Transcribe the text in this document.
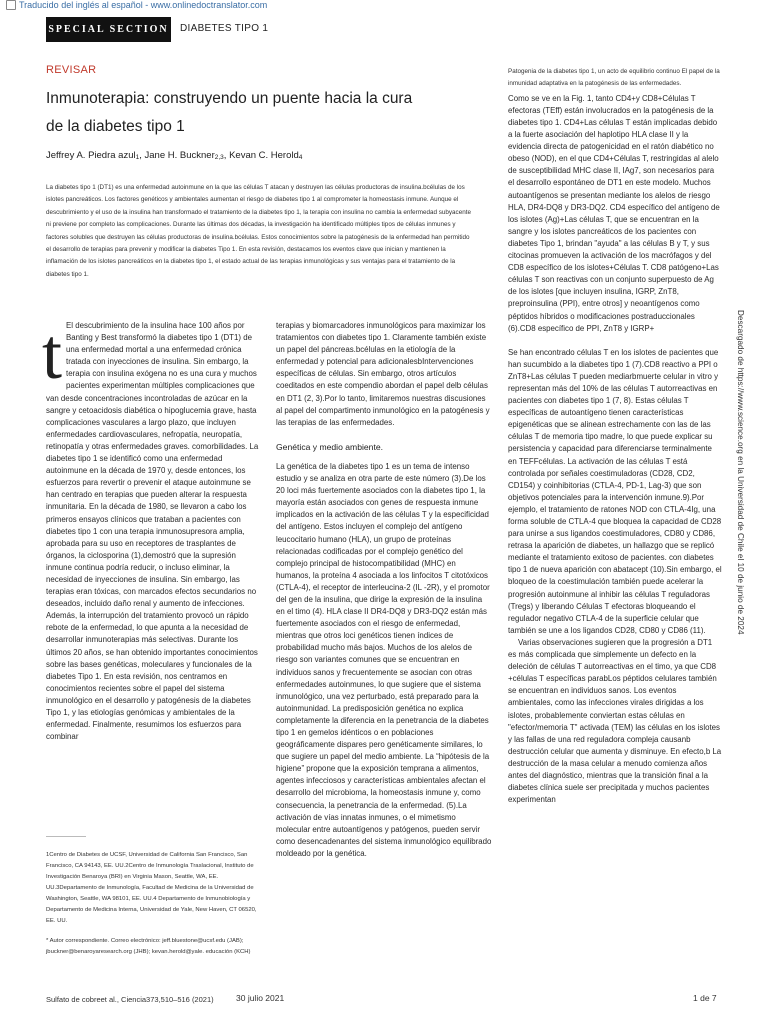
Traducido del inglés al español - www.onlinedoctranslator.com
SPECIAL SECTION DIABETES TIPO 1
REVISAR
Inmunoterapia: construyendo un puente hacia la cura
de la diabetes tipo 1
Jeffrey A. Piedra azul$_1$, Jane H. Buckner$_{2,3}$, Kevan C. Herold$_4$

La diabetes tipo 1 (DT1) es una enfermedad autoinmune en la que las células T atacan y destruyen las células productoras de insulina.bcélulas de los islotes pancreáticos. Los factores genéticos y ambientales aumentan el riesgo de diabetes tipo 1 al comprometer la homeostasis inmune. Aunque el descubrimiento y el uso de la insulina han transformado el tratamiento de la diabetes tipo 1, la terapia con insulina no cambia la enfermedad subyacente ni previene por completo las complicaciones. Durante las últimas dos décadas, la investigación ha identificado múltiples tipos de células inmunes y factores solubles que destruyen las células productoras de insulina.bcélulas. Estos conocimientos sobre la patogénesis de la enfermedad han permitido el desarrollo de terapias para prevenir y modificar la diabetes Tipo 1. En esta revisión, destacamos los eventos clave que inician y mantienen la inflamación de los islotes pancreáticos en la diabetes tipo 1, el estado actual de las terapias inmunológicas y sus ventajas para el tratamiento de la diabetes tipo 1.

t El descubrimiento de la insulina hace 100 años por Banting y Best transformó la diabetes tipo 1 (DT1) de una enfermedad mortal a una enfermedad crónica tratada con inyecciones de insulina. Sin embargo, la terapia con insulina exógena no es una cura y muchos pacientes experimentan múltiples complicaciones que van desde concentraciones incontroladas de azúcar en la sangre y cetoacidosis diabética o hipoglucemia grave, hasta complicaciones vasculares a largo plazo, que incluyen enfermedades cardiovasculares, nefropatía, neuropatía, retinopatía y otras enfermedades graves. comorbilidades. La diabetes tipo 1 se identificó como una enfermedad autoinmune en la década de 1970 y, desde entonces, los esfuerzos para revertir o prevenir el ataque autoinmune se han centrado en terapias que pueden alterar la respuesta inmunitaria. En la década de 1980, se llevaron a cabo los primeros ensayos clínicos que trataban a pacientes con diabetes tipo 1 con una terapia inmunosupresora amplia, aprobada para su uso en receptores de trasplantes de órganos, la ciclosporina (1),demostró que la supresión inmune continua podría reducir, o incluso eliminar, la necesidad de inyecciones de insulina. Sin embargo, las terapias eran tóxicas, con marcados efectos secundarios no deseados, incluido daño renal y aumento de infecciones. Además, la interrupción del tratamiento provocó un rápido rebote de la enfermedad, lo que apunta a la necesidad de desarrollar inmunoterapias más selectivas. Durante los últimos 20 años, se han obtenido importantes conocimientos sobre las bases genéticas, moleculares y funcionales de la diabetes Tipo 1. En esta revisión, nos centramos en conocimientos recientes sobre el papel del sistema inmunológico en el desarrollo y patogénesis de la diabetes Tipo 1, y las etiologías genómicas y ambientales de la enfermedad. Finalmente, resumimos los esfuerzos para combinar

1Centro de Diabetes de UCSF, Universidad de California San Francisco, San Francisco, CA 94143, EE. UU.2Centro de Inmunología Traslacional, Instituto de Investigación Benaroya (BRI) en Virginia Mason, Seattle, WA, EE. UU.3Departamento de Inmunología, Facultad de Medicina de la Universidad de Washington, Seattle, WA 98101, EE. UU.4 Departamento de Inmunobiología y Departamento de Medicina Interna, Universidad de Yale, New Haven, CT 06520, EE. UU.

* Autor correspondiente. Correo electrónico: jeff.bluestone@ucsf.edu (JAB); jbuckner@benaroyaresearch.org (JHB); kevan.herold@yale. educación (KCH)

terapias y biomarcadores inmunológicos para maximizar los tratamientos con diabetes tipo 1. Claramente también existe un papel del páncreas.bcélulas en la etiología de la enfermedad y potencial para adicionalesbIntervenciones específicas de células. Sin embargo, otros artículos coeditados en este compendio abordan el papel delb células en DT1 (2, 3).Por lo tanto, limitaremos nuestras discusiones al papel del compartimento inmunológico en la patogénesis y las terapias de las enfermedades.

Genética y medio ambiente.

La genética de la diabetes tipo 1 es un tema de intenso estudio y se analiza en otra parte de este número (3).De los 20 loci más fuertemente asociados con la diabetes tipo 1, la mayoría están asociados con genes de respuesta inmune implicados en la activación de las células T y la especificidad del antígeno. Estos incluyen el complejo del antígeno leucocitario humano (HLA), un grupo de proteínas relacionadas codificadas por el complejo genético del complejo principal de histocompatibilidad (MHC) en humanos, la proteína 4 asociada a los linfocitos T citotóxicos (CTLA-4), el receptor de interleucina-2 (IL -2R), y el promotor del gen de la insulina, que dirige la expresión de la insulina en el timo (4). HLA clase II DR4-DQ8 y DR3-DQ2 están más fuertemente asociados con el riesgo de enfermedad, mientras que otros loci genéticos tienen índices de probabilidad mucho más bajos. Muchos de los alelos de riesgo son variantes comunes que se encuentran en individuos sanos y frecuentemente se asocian con otras enfermedades autoinmunes, lo que sugiere que el sistema inmunológico, una vez perturbado, está preparado para la autoinmunidad. La predisposición genética no explica completamente la diferencia en la penetrancia de la diabetes tipo 1 en gemelos idénticos o en poblaciones geográficamente dispares pero genéticamente similares, lo que sugiere un papel del medio ambiente. La “hipótesis de la higiene” propone que la exposición temprana a alimentos, agentes infecciosos y características ambientales afectan el desarrollo del microbioma, la homeostasis inmune y, como consecuencia, la penetrancia de la enfermedad. (5).La activación de vías innatas inmunes, o el mimetismo molecular entre autoantígenos y patógenos, pueden servir como desencadenantes del sistema inmunológico equilibrado moldeado por la genética.

Patogenia de la diabetes tipo 1, un acto de equilibrio continuo El papel de la inmunidad adaptativa en la patogénesis de las enfermedades.

Como se ve en la Fig. 1, tanto CD4+y CD8+Células T efectoras (TEff) están involucrados en la patogénesis de la diabetes tipo 1. CD4+Las células T están implicadas debido a la fuerte asociación del haplotipo HLA clase II y la evidencia directa de patogenicidad en el ratón diabético no obeso (NOD), en el que CD4+Células T, restringidas al alelo de susceptibilidad MHC clase II, IAg7, son necesarios para el desarrollo espontáneo de DT1 en este modelo. Muchos autoantígenos se presentan mediante los alelos de riesgo HLA, DR4-DQ8 y DR3-DQ2. CD4 específico del antígeno de los islotes (Ag)+Las células T, que se encuentran en la sangre y los islotes pancreáticos de los pacientes con diabetes Tipo 1, brindan "ayuda" a las células B y T, y sus citocinas promueven la activación de los macrófagos y del CD8 específico de los islotes+Células T. CD8 patógeno+Las células T son reactivas con un conjunto superpuesto de Ag de los islotes [que incluyen insulina, IGRP, ZnT8, preproinsulina (PPI), entre otros] y neoantígenos como péptidos híbridos o modificaciones postraduccionales (6).CD8 específico de PPI, ZnT8 y IGRP+

Se han encontrado células T en los islotes de pacientes que han sucumbido a la diabetes tipo 1 (7).CD8 reactivo a PPI o ZnT8+Las células T pueden mediarbmuerte celular in vitro y representan más del 10% de las células T autorreactivas en pacientes con diabetes tipo 1 (7, 8). Estas células T específicas de autoantígeno tienen características epigenéticas que se alinean estrechamente con las de las células T de memoria tipo madre, lo que puede explicar su persistencia y capacidad para diferenciarse terminalmente en TEFFcélulas. La activación de las células T está controlada por señales coestimuladoras (CD28, CD2, CD154) y coinhibitorias (CTLA-4, PD-1, Lag-3) que son objetivos potenciales para la intervención inmune.9).Por ejemplo, el tratamiento de ratones NOD con CTLA-4Ig, una forma soluble de CTLA-4 que bloquea la capacidad de CD28 para unirse a sus ligandos coestimuladores, CD80 y CD86, retrasa la aparición de diabetes, un hallazgo que se replicó mediante el tratamiento exitoso de pacientes. con diabetes tipo 1 de nueva aparición con abatacept (10).Sin embargo, el bloqueo de la coestimulación también puede acelerar la progresión autoinmune al inhibir las células T reguladoras (Tregs) y liberando Células T efectoras bloqueando el regulador negativo CTLA-4 de la superficie celular que también se une a los ligandos CD28, CD80 y CD86 (11).

Varias observaciones sugieren que la progresión a DT1 es más complicada que simplemente un defecto en la deleción de células T autorreactivas en el timo, ya que CD8 +células T específicas parabLos péptidos celulares también se encuentran en individuos sanos. Los eventos ambientales, como las infecciones virales dirigidas a los islotes, probablemente conviertan estas células en "efector/memoria T" activada (TEM) las células en los islotes y las fallas de una red reguladora compleja causanb destrucción celular que aumenta y disminuye. En efecto,b La destrucción de la masa celular a menudo comienza años antes del diagnóstico, mientras que la transición final a la diabetes clínica suele ser precipitada y muchos pacientes experimentan

Descargado de https://www.science.org en la Universidad de Chile el 10 de junio de 2024
Sulfato de cobreet al., Ciencia373,510–516 (2021)	30 julio 2021	1 de 7
